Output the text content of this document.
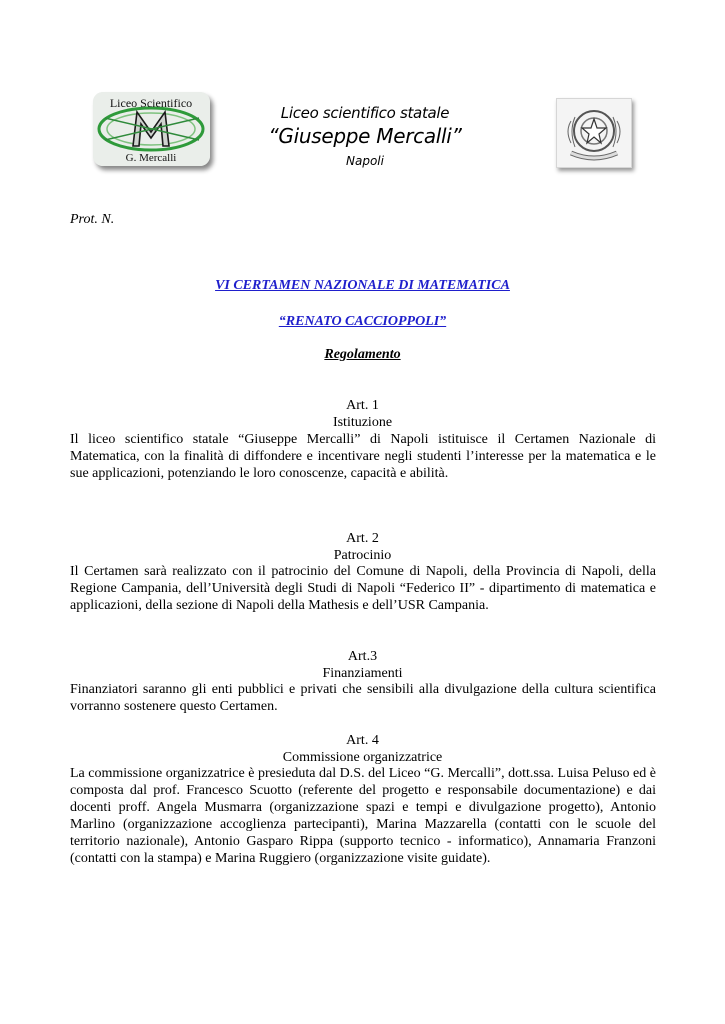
Liceo Scientifico
G. Mercalli
Liceo scientifico statale
“Giuseppe Mercalli”
Napoli
Prot. N.
VI CERTAMEN NAZIONALE DI MATEMATICA
“RENATO CACCIOPPOLI”
Regolamento
Art. 1
Istituzione

Il liceo scientifico statale “Giuseppe Mercalli” di Napoli istituisce il Certamen Nazionale di Matematica, con la finalità di diffondere e incentivare negli studenti l’interesse per la matematica e le sue applicazioni, potenziando le loro conoscenze, capacità e abilità.

Art. 2
Patrocinio

Il Certamen sarà realizzato con il patrocinio del Comune di Napoli, della Provincia di Napoli, della Regione Campania, dell’Università degli Studi di Napoli “Federico II” - dipartimento di matematica e applicazioni, della sezione di Napoli della Mathesis e dell’USR Campania.

Art.3
Finanziamenti

Finanziatori saranno gli enti pubblici e privati che sensibili alla divulgazione della cultura scientifica vorranno sostenere questo Certamen.

Art. 4
Commissione organizzatrice

La commissione organizzatrice è presieduta dal D.S. del Liceo “G. Mercalli”, dott.ssa. Luisa Peluso ed è composta dal prof. Francesco Scuotto (referente del progetto e responsabile documentazione) e dai docenti proff. Angela Musmarra (organizzazione spazi e tempi e divulgazione progetto), Antonio Marlino (organizzazione accoglienza partecipanti), Marina Mazzarella (contatti con le scuole del territorio nazionale), Antonio Gasparo Rippa (supporto tecnico - informatico), Annamaria Franzoni (contatti con la stampa) e Marina Ruggiero (organizzazione visite guidate).
